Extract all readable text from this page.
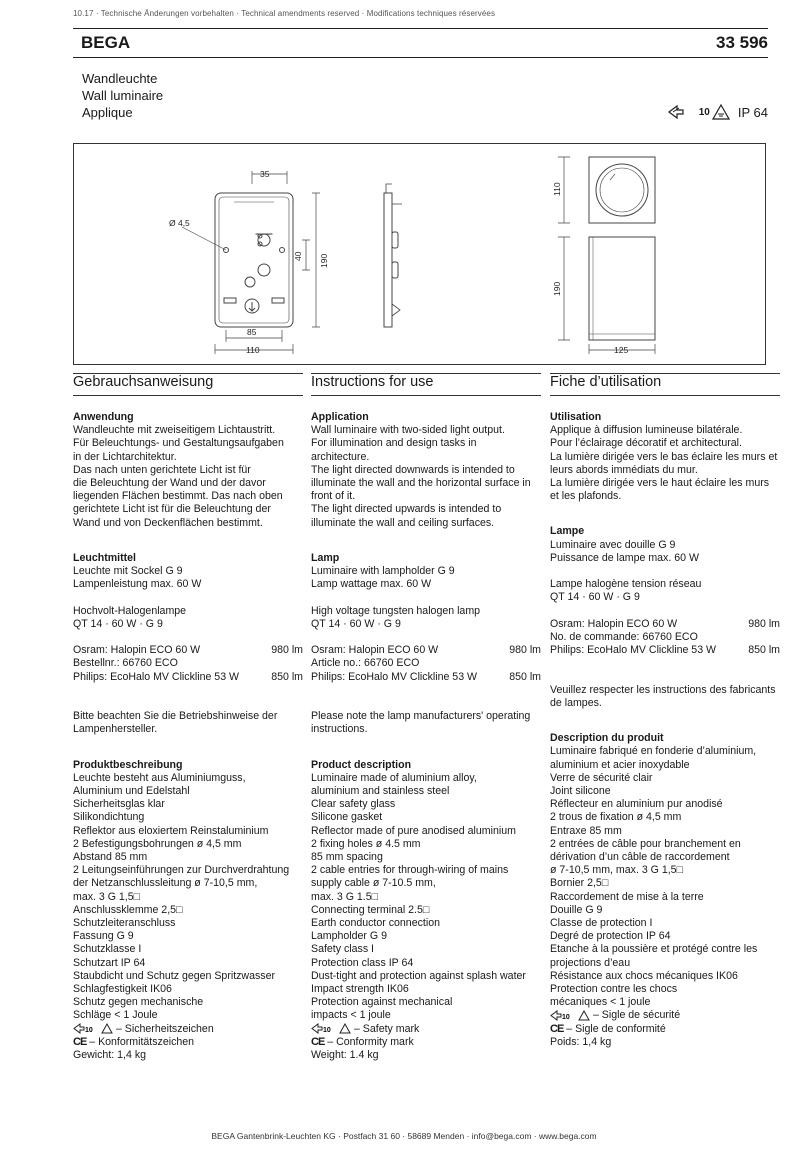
10.17 · Technische Änderungen vorbehalten · Technical amendments reserved · Modifications techniques réservées
BEGA	33 596
Wandleuchte
Wall luminaire
Applique	10 IP 64
35
Ø 4,5
40 190
85
110
110
190
125
Gebrauchsanweisung
Anwendung
Wandleuchte mit zweiseitigem Lichtaustritt.
Für Beleuchtungs- und Gestaltungsaufgaben
in der Lichtarchitektur.
Das nach unten gerichtete Licht ist für
die Beleuchtung der Wand und der davor
liegenden Flächen bestimmt. Das nach oben
gerichtete Licht ist für die Beleuchtung der
Wand und von Deckenflächen bestimmt.
Leuchtmittel
Leuchte mit Sockel G 9
Lampenleistung max. 60 W
Hochvolt-Halogenlampe
QT 14 · 60 W · G 9
Osram: Halopin ECO 60 W	980 lm
Bestellnr.: 66760 ECO
Philips: EcoHalo MV Clickline 53 W	850 lm
Bitte beachten Sie die Betriebshinweise der
Lampenhersteller.
Produktbeschreibung
Leuchte besteht aus Aluminiumguss,
Aluminium und Edelstahl
Sicherheitsglas klar
Silikondichtung
Reflektor aus eloxiertem Reinstaluminium
2 Befestigungsbohrungen ø 4,5 mm
Abstand 85 mm
2 Leitungseinführungen zur Durchverdrahtung
der Netzanschlussleitung ø 7-10,5 mm,
max. 3 G 1,5□
Anschlussklemme 2,5□
Schutzleiteranschluss
Fassung G 9
Schutzklasse I
Schutzart IP 64
Staubdicht und Schutz gegen Spritzwasser
Schlagfestigkeit IK06
Schutz gegen mechanische
Schläge < 1 Joule
10 – Sicherheitszeichen
CE – Konformitätszeichen
Gewicht: 1,4 kg
Instructions for use
Application
Wall luminaire with two-sided light output.
For illumination and design tasks in
architecture.
The light directed downwards is intended to
illuminate the wall and the horizontal surface in
front of it.
The light directed upwards is intended to
illuminate the wall and ceiling surfaces.
Lamp
Luminaire with lampholder G 9
Lamp wattage max. 60 W
High voltage tungsten halogen lamp
QT 14 · 60 W · G 9
Osram: Halopin ECO 60 W	980 lm
Article no.: 66760 ECO
Philips: EcoHalo MV Clickline 53 W	850 lm
Please note the lamp manufacturers' operating
instructions.
Product description
Luminaire made of aluminium alloy,
aluminium and stainless steel
Clear safety glass
Silicone gasket
Reflector made of pure anodised aluminium
2 fixing holes ø 4.5 mm
85 mm spacing
2 cable entries for through-wiring of mains
supply cable ø 7-10.5 mm,
max. 3 G 1.5□
Connecting terminal 2.5□
Earth conductor connection
Lampholder G 9
Safety class I
Protection class IP 64
Dust-tight and protection against splash water
Impact strength IK06
Protection against mechanical
impacts < 1 joule
10 – Safety mark
CE – Conformity mark
Weight: 1.4 kg
Fiche d’utilisation
Utilisation
Applique à diffusion lumineuse bilatérale.
Pour l’éclairage décoratif et architectural.
La lumière dirigée vers le bas éclaire les murs et
leurs abords immédiats du mur.
La lumière dirigée vers le haut éclaire les murs
et les plafonds.
Lampe
Luminaire avec douille G 9
Puissance de lampe max. 60 W
Lampe halogène tension réseau
QT 14 · 60 W · G 9
Osram: Halopin ECO 60 W	980 lm
No. de commande: 66760 ECO
Philips: EcoHalo MV Clickline 53 W	850 lm
Veuillez respecter les instructions des fabricants
de lampes.
Description du produit
Luminaire fabriqué en fonderie d’aluminium,
aluminium et acier inoxydable
Verre de sécurité clair
Joint silicone
Réflecteur en aluminium pur anodisé
2 trous de fixation ø 4,5 mm
Entraxe 85 mm
2 entrées de câble pour branchement en
dérivation d’un câble de raccordement
ø 7-10,5 mm, max. 3 G 1,5□
Bornier 2,5□
Raccordement de mise à la terre
Douille G 9
Classe de protection I
Degré de protection IP 64
Etanche à la poussière et protégé contre les
projections d’eau
Résistance aux chocs mécaniques IK06
Protection contre les chocs
mécaniques < 1 joule
10 – Sigle de sécurité
CE – Sigle de conformité
Poids: 1,4 kg
BEGA Gantenbrink-Leuchten KG · Postfach 31 60 · 58689 Menden · info@bega.com · www.bega.com
